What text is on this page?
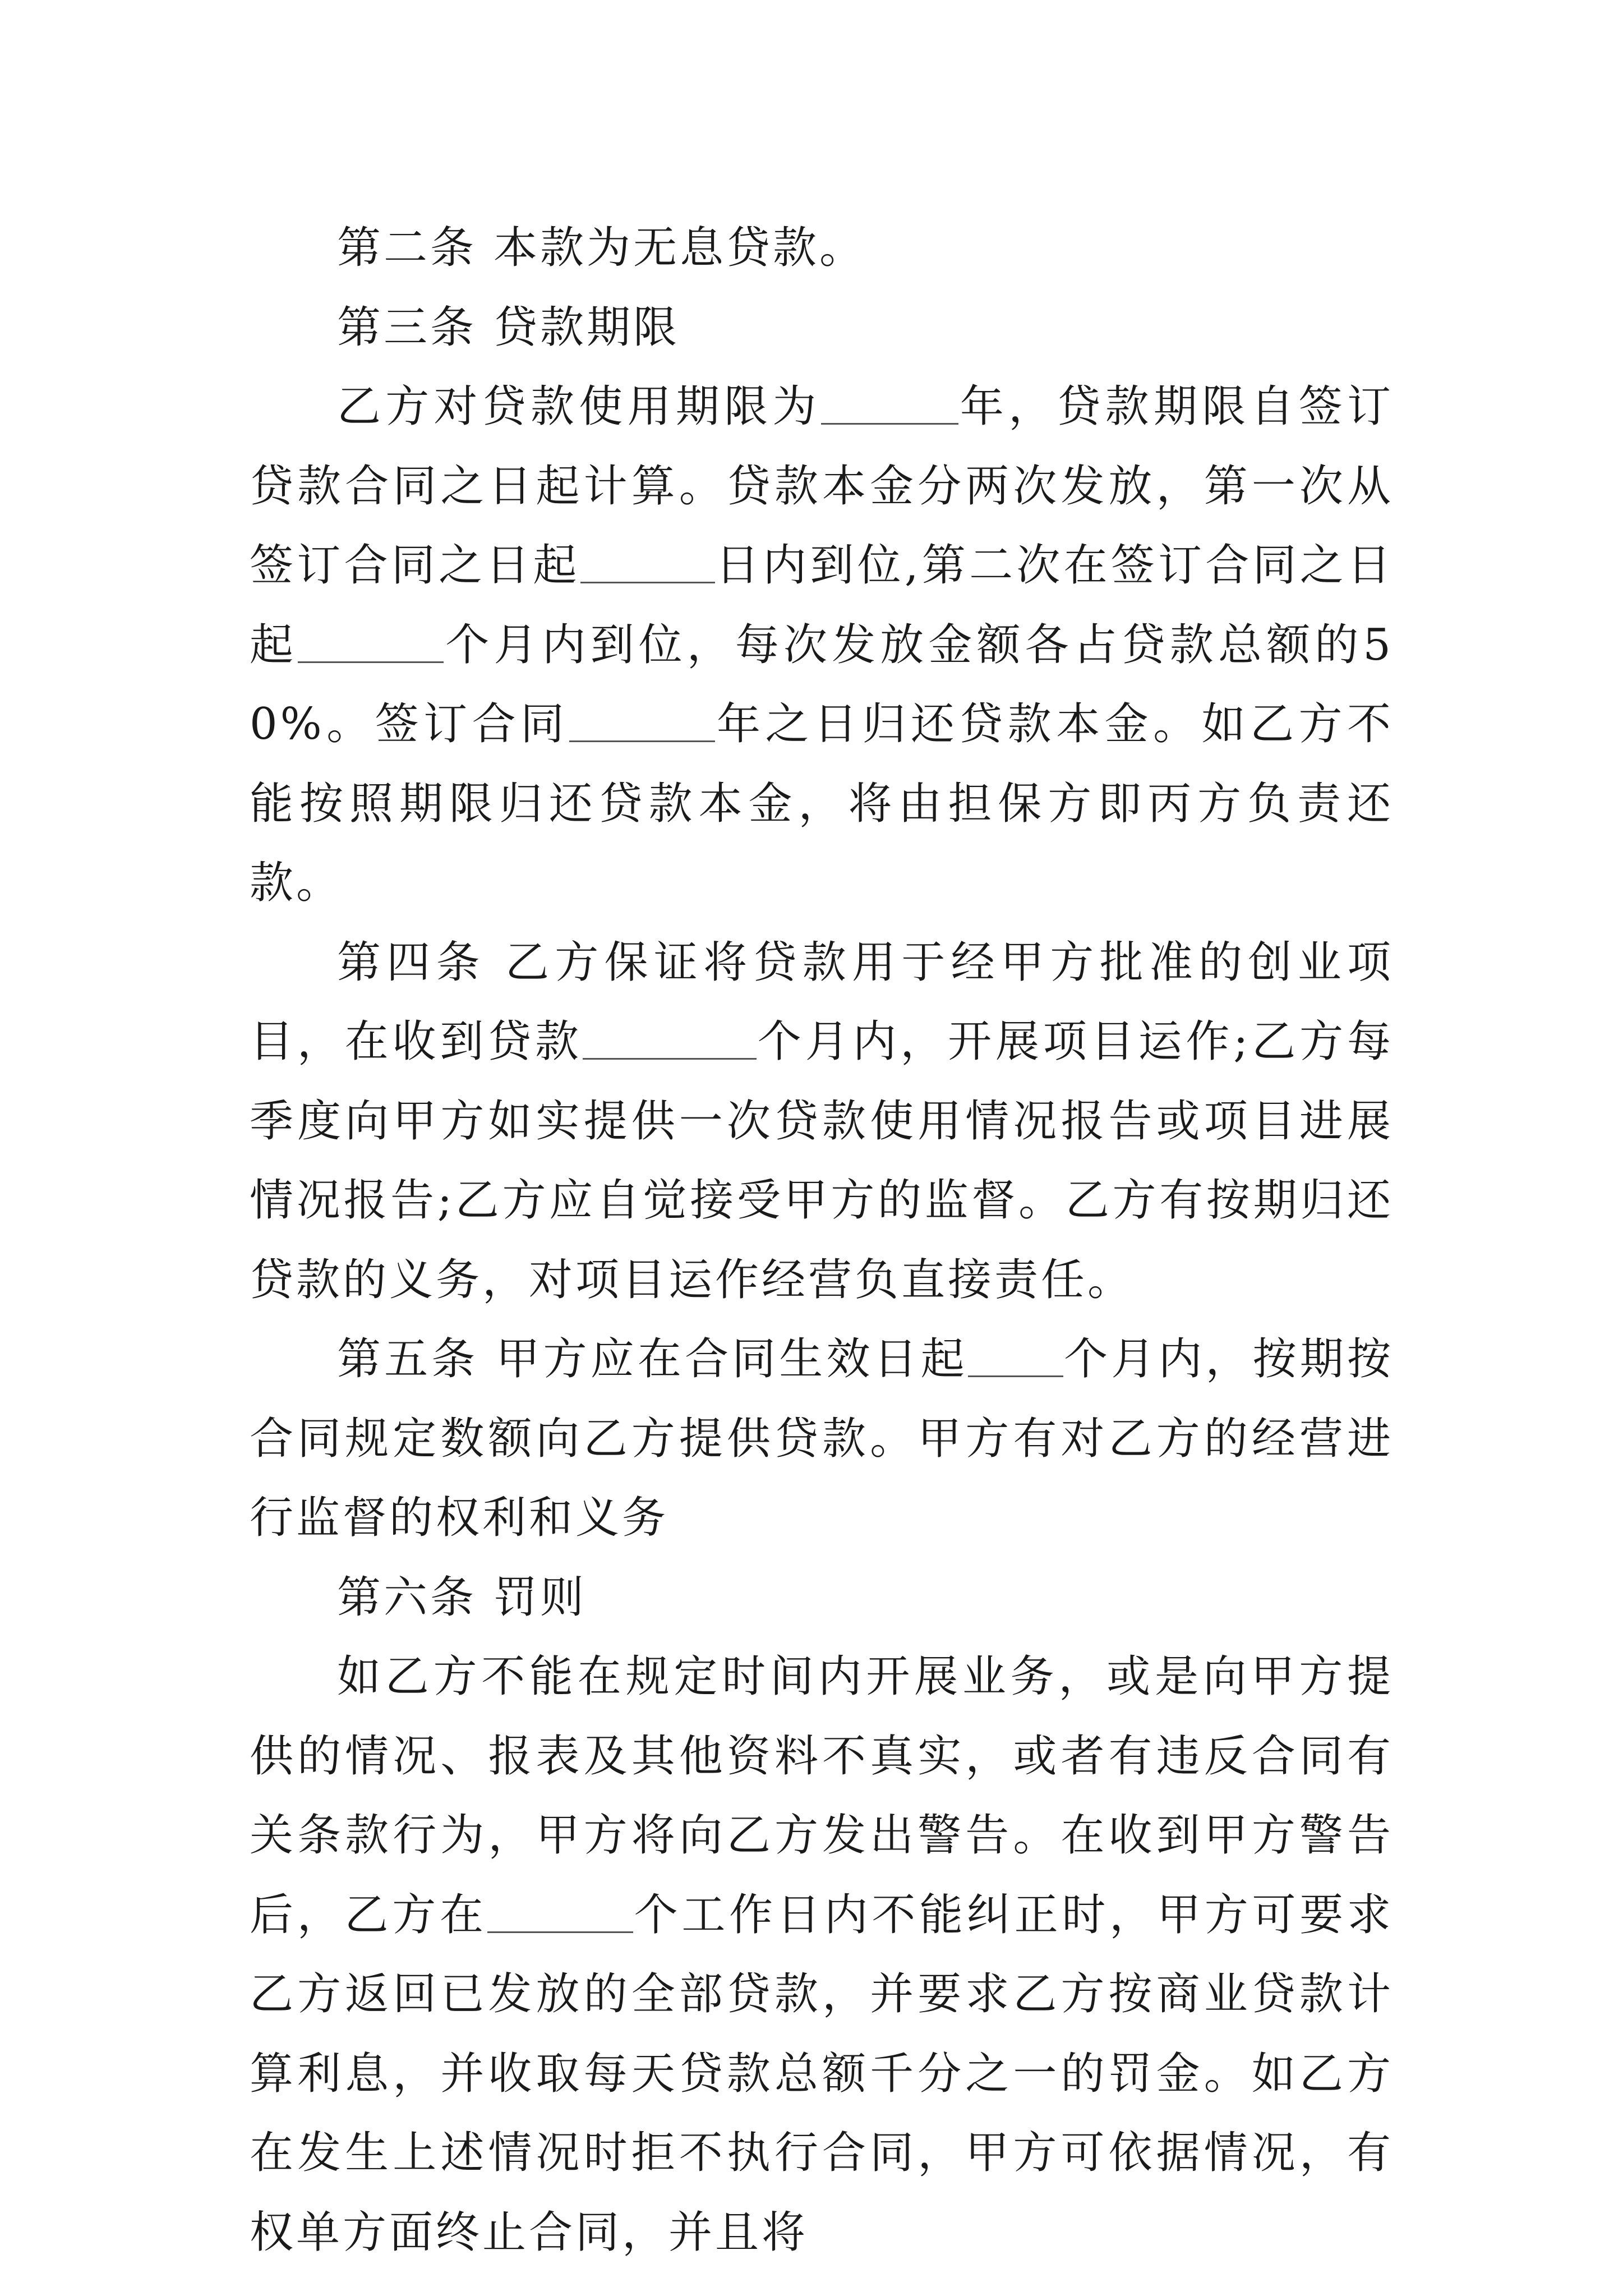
第二条 本款为无息贷款。

第三条 贷款期限

乙方对贷款使用期限为	年，贷款期限自签订贷款合同之日起计算。贷款本金分两次发放，第一次从签订合同之日起	日内到位,第二次在签订合同之日起	个月内到位，每次发放金额各占贷款总额的50%。签订合同	年之日归还贷款本金。如乙方不能按照期限归还贷款本金，将由担保方即丙方负责还款。

第四条 乙方保证将贷款用于经甲方批准的创业项目，在收到贷款	个月内，开展项目运作;乙方每季度向甲方如实提供一次贷款使用情况报告或项目进展情况报告;乙方应自觉接受甲方的监督。乙方有按期归还贷款的义务，对项目运作经营负直接责任。

第五条 甲方应在合同生效日起 个月内，按期按合同规定数额向乙方提供贷款。甲方有对乙方的经营进行监督的权利和义务

第六条 罚则

如乙方不能在规定时间内开展业务，或是向甲方提供的情况、报表及其他资料不真实，或者有违反合同有关条款行为，甲方将向乙方发出警告。在收到甲方警告后，乙方在	个工作日内不能纠正时，甲方可要求乙方返回已发放的全部贷款，并要求乙方按商业贷款计算利息，并收取每天贷款总额千分之一的罚金。如乙方在发生上述情况时拒不执行合同，甲方可依据情况，有权单方面终止合同，并且将
